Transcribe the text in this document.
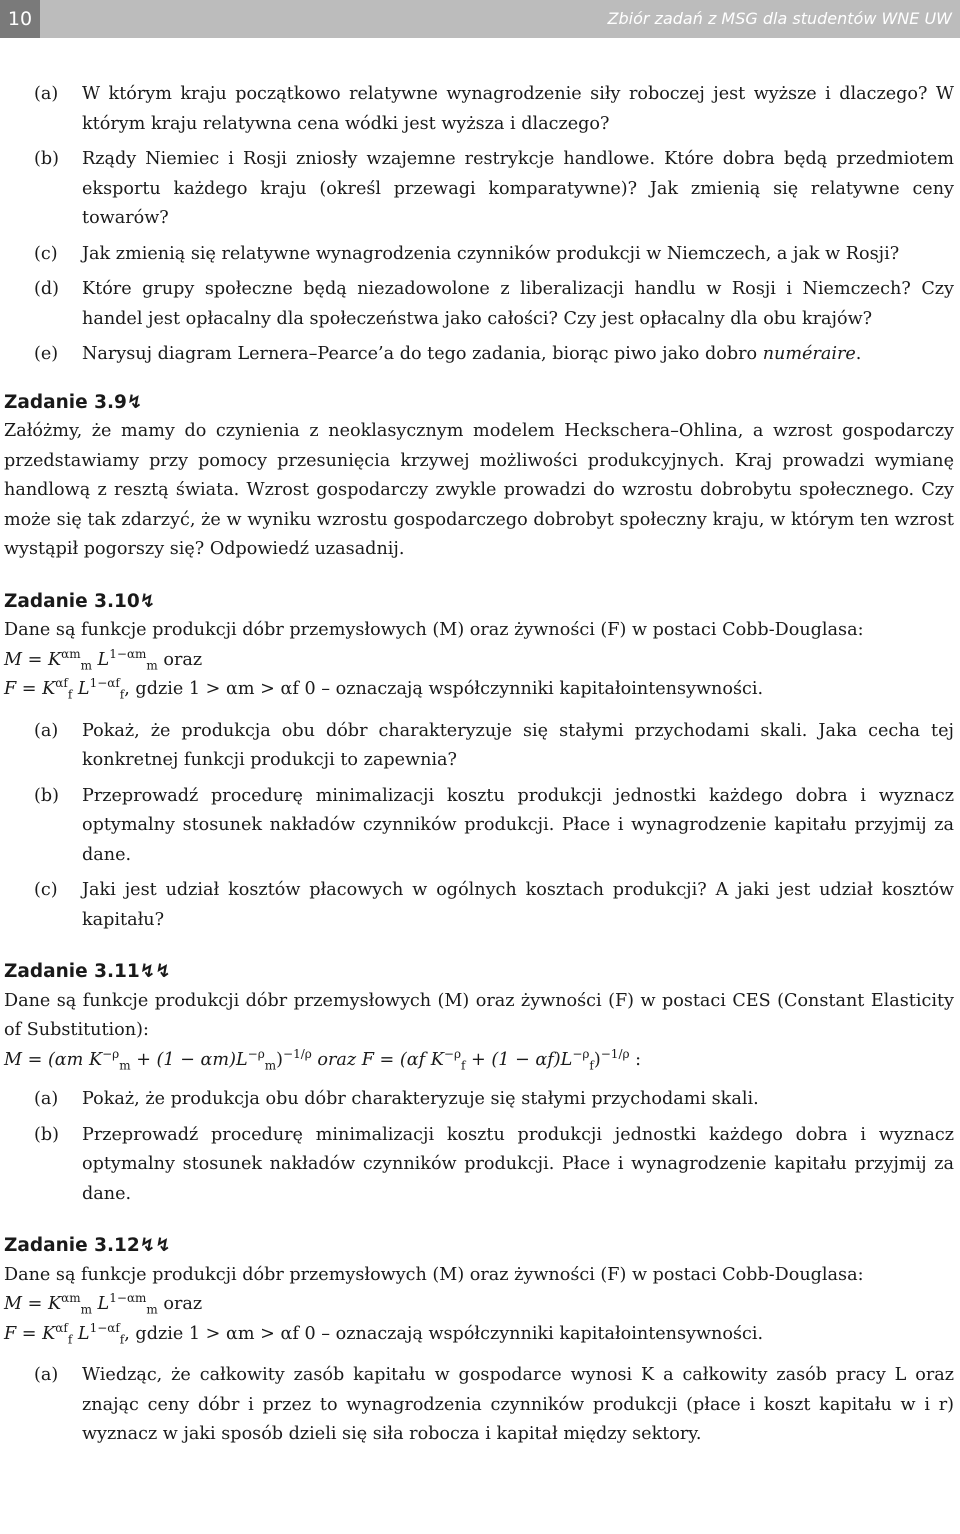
10	Zbiór zadań z MSG dla studentów WNE UW
(a)	W którym kraju początkowo relatywne wynagrodzenie siły roboczej jest wyższe i dlaczego? W którym kraju relatywna cena wódki jest wyższa i dlaczego?
(b)	Rządy Niemiec i Rosji zniosły wzajemne restrykcje handlowe. Które dobra będą przedmiotem eksportu każdego kraju (określ przewagi komparatywne)? Jak zmienią się relatywne ceny towarów?
(c)	Jak zmienią się relatywne wynagrodzenia czynników produkcji w Niemczech, a jak w Rosji?
(d)	Które grupy społeczne będą niezadowolone z liberalizacji handlu w Rosji i Niemczech? Czy handel jest opłacalny dla społeczeństwa jako całości? Czy jest opłacalny dla obu krajów?
(e)	Narysuj diagram Lernera–Pearce’a do tego zadania, biorąc piwo jako dobro numéraire.
Zadanie 3.9↯

Załóżmy, że mamy do czynienia z neoklasycznym modelem Heckschera–Ohlina, a wzrost gospodarczy przedstawiamy przy pomocy przesunięcia krzywej możliwości produkcyjnych. Kraj prowadzi wymianę handlową z resztą świata. Wzrost gospodarczy zwykle prowadzi do wzrostu dobrobytu społecznego. Czy może się tak zdarzyć, że w wyniku wzrostu gospodarczego dobrobyt społeczny kraju, w którym ten wzrost wystąpił pogorszy się? Odpowiedź uzasadnij.

Zadanie 3.10↯

Dane są funkcje produkcji dóbr przemysłowych (M) oraz żywności (F) w postaci Cobb-Douglasa:

$M = K^{\alpha m}_m$ $L^{1-\alpha m}_m$ oraz

$F = K^{\alpha f}_f$ $L^{1-\alpha f}_f$, gdzie 1 > αm > αf 0 – oznaczają współczynniki kapitałointensywności.

(a)	Pokaż, że produkcja obu dóbr charakteryzuje się stałymi przychodami skali. Jaka cecha tej konkretnej funkcji produkcji to zapewnia?
(b)	Przeprowadź procedurę minimalizacji kosztu produkcji jednostki każdego dobra i wyznacz optymalny stosunek nakładów czynników produkcji. Płace i wynagrodzenie kapitału przyjmij za dane.
(c)	Jaki jest udział kosztów płacowych w ogólnych kosztach produkcji? A jaki jest udział kosztów kapitału?
Zadanie 3.11↯↯

Dane są funkcje produkcji dóbr przemysłowych (M) oraz żywności (F) w postaci CES (Constant Elasticity of Substitution):

M = (αm $K^{-\rho}_m + (1 - \alpha m)L^{-\rho}_m)^{-1/\rho}$ oraz F = (αf $K^{-\rho}_f + (1 - \alpha f)L^{-\rho}_f)^{-1/\rho}$ :

(a)	Pokaż, że produkcja obu dóbr charakteryzuje się stałymi przychodami skali.
(b)	Przeprowadź procedurę minimalizacji kosztu produkcji jednostki każdego dobra i wyznacz optymalny stosunek nakładów czynników produkcji. Płace i wynagrodzenie kapitału przyjmij za dane.
Zadanie 3.12↯↯

Dane są funkcje produkcji dóbr przemysłowych (M) oraz żywności (F) w postaci Cobb-Douglasa:

$M = K^{\alpha m}_m$ $L^{1-\alpha m}_m$ oraz

$F = K^{\alpha f}_f$ $L^{1-\alpha f}_f$, gdzie 1 > αm > αf 0 – oznaczają współczynniki kapitałointensywności.

(a)	Wiedząc, że całkowity zasób kapitału w gospodarce wynosi K a całkowity zasób pracy L oraz znając ceny dóbr i przez to wynagrodzenia czynników produkcji (płace i koszt kapitału w i r) wyznacz w jaki sposób dzieli się siła robocza i kapitał między sektory.
